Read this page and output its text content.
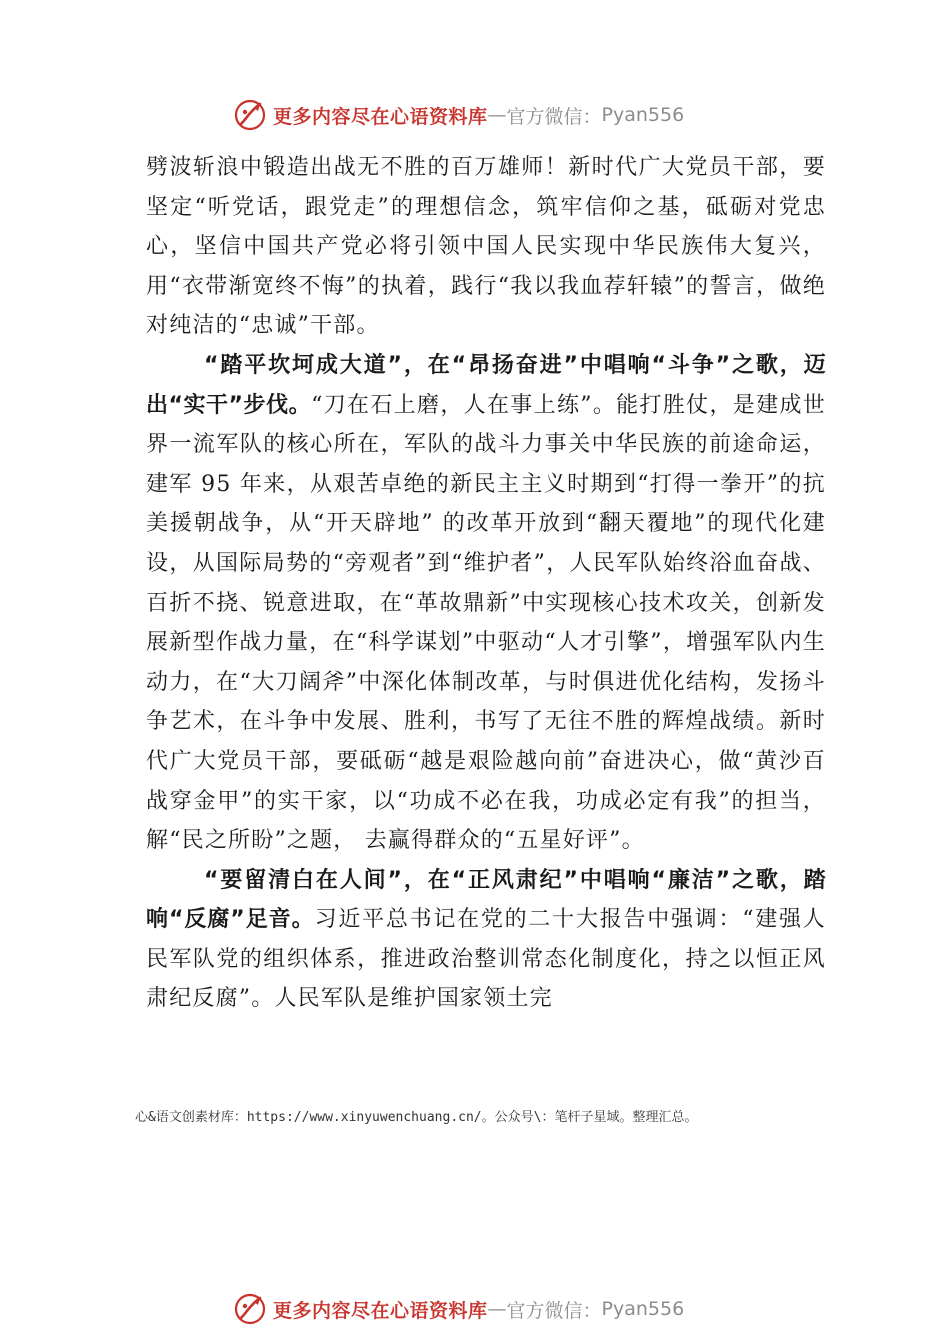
更多内容尽在心语资料库 — 官方微信： Pyan556

劈波斩浪中锻造出战无不胜的百万雄师！新时代广大党员干部，要坚定“听党话，跟党走”的理想信念，筑牢信仰之基，砥砺对党忠心，坚信中国共产党必将引领中国人民实现中华民族伟大复兴，用“衣带渐宽终不悔”的执着，践行“我以我血荐轩辕”的誓言，做绝对纯洁的“忠诚”干部。

“踏平坎坷成大道”，在“昂扬奋进”中唱响“斗争”之歌，迈出“实干”步伐。“刀在石上磨，人在事上练”。能打胜仗，是建成世界一流军队的核心所在，军队的战斗力事关中华民族的前途命运，建军 95 年来，从艰苦卓绝的新民主主义时期到“打得一拳开”的抗美援朝战争，从“开天辟地” 的改革开放到“翻天覆地”的现代化建设，从国际局势的“旁观者”到“维护者”，人民军队始终浴血奋战、百折不挠、锐意进取，在“革故鼎新”中实现核心技术攻关，创新发展新型作战力量，在“科学谋划”中驱动“人才引擎”，增强军队内生动力，在“大刀阔斧”中深化体制改革，与时俱进优化结构，发扬斗争艺术，在斗争中发展、胜利，书写了无往不胜的辉煌战绩。新时代广大党员干部，要砥砺“越是艰险越向前”奋进决心，做“黄沙百战穿金甲”的实干家，以“功成不必在我，功成必定有我”的担当，解“民之所盼”之题， 去赢得群众的“五星好评”。

“要留清白在人间”，在“正风肃纪”中唱响“廉洁”之歌，踏响“反腐”足音。习近平总书记在党的二十大报告中强调：“建强人民军队党的组织体系，推进政治整训常态化制度化，持之以恒正风肃纪反腐”。人民军队是维护国家领土完

心&语文创素材库：https://www.xinyuwenchuang.cn/。公众号\：笔杆子星域。整理汇总。
更多内容尽在心语资料库 — 官方微信： Pyan556
